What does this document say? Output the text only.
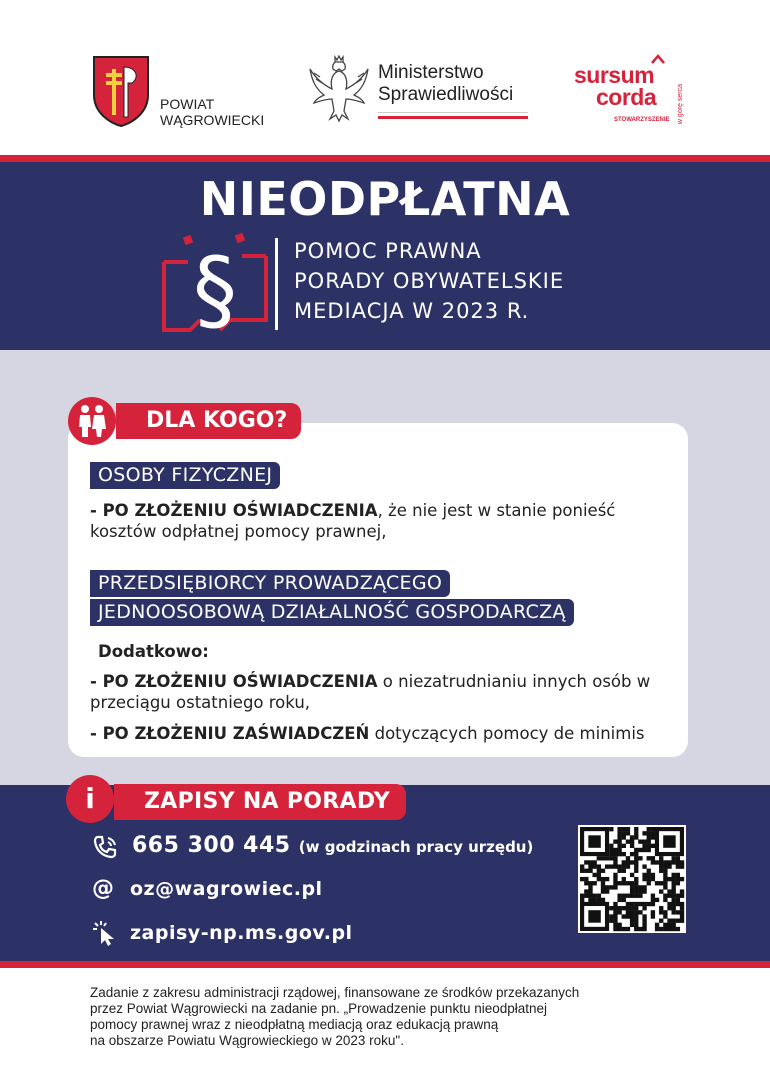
POWIAT
WĄGROWIECKI
Ministerstwo
Sprawiedliwości
sursum
corda
STOWARZYSZENIE w górę serca
NIEODPŁATNA
§	POMOC PRAWNA
PORADY OBYWATELSKIE
MEDIACJA W 2023 R.
DLA KOGO?
OSOBY FIZYCZNEJ
- PO ZŁOŻENIU OŚWIADCZENIA, że nie jest w stanie ponieść kosztów odpłatnej pomocy prawnej,
PRZEDSIĘBIORCY PROWADZĄCEGO
JEDNOOSOBOWĄ DZIAŁALNOŚĆ GOSPODARCZĄ
Dodatkowo:
- PO ZŁOŻENIU OŚWIADCZENIA o niezatrudnianiu innych osób w przeciągu ostatniego roku,
- PO ZŁOŻENIU ZAŚWIADCZEŃ dotyczących pomocy de minimis
ZAPISY NA PORADY
i
665 300 445 (w godzinach pracy urzędu)
@ oz@wagrowiec.pl
zapisy-np.ms.gov.pl
Zadanie z zakresu administracji rządowej, finansowane ze środków przekazanych
przez Powiat Wągrowiecki na zadanie pn. „Prowadzenie punktu nieodpłatnej
pomocy prawnej wraz z nieodpłatną mediacją oraz edukacją prawną
na obszarze Powiatu Wągrowieckiego w 2023 roku".
